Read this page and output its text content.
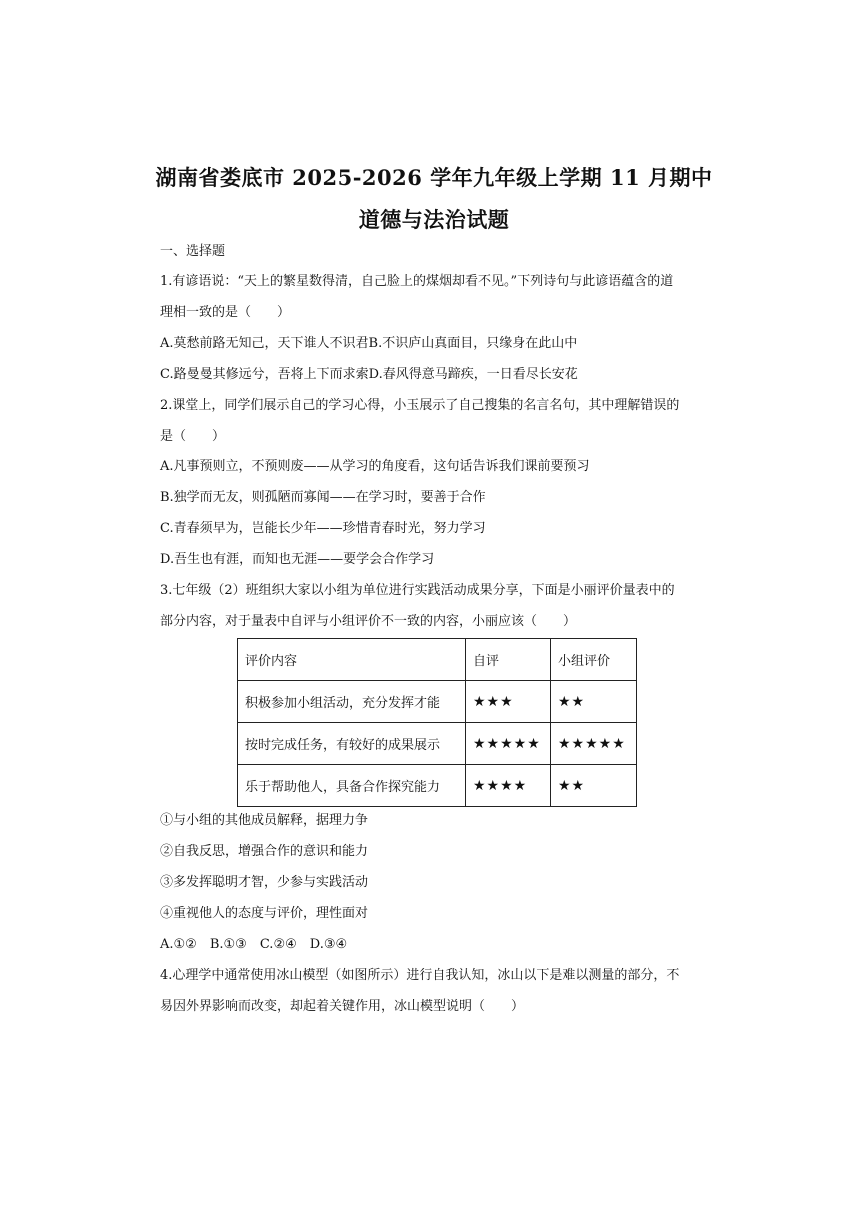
湖南省娄底市 2025-2026 学年九年级上学期 11 月期中
道德与法治试题
一、选择题
1.有谚语说：“天上的繁星数得清，自己脸上的煤烟却看不见。”下列诗句与此谚语蕴含的道
理相一致的是（　　）
A.莫愁前路无知己，天下谁人不识君B.不识庐山真面目，只缘身在此山中
C.路曼曼其修远兮，吾将上下而求索D.春风得意马蹄疾，一日看尽长安花
2.课堂上，同学们展示自己的学习心得，小玉展示了自己搜集的名言名句，其中理解错误的
是（　　）
A.凡事预则立，不预则废——从学习的角度看，这句话告诉我们课前要预习
B.独学而无友，则孤陋而寡闻——在学习时，要善于合作
C.青春须早为，岂能长少年——珍惜青春时光，努力学习
D.吾生也有涯，而知也无涯——要学会合作学习
3.七年级（2）班组织大家以小组为单位进行实践活动成果分享，下面是小丽评价量表中的
部分内容，对于量表中自评与小组评价不一致的内容，小丽应该（　　）
评价内容	自评	小组评价
积极参加小组活动，充分发挥才能	★★★	★★
按时完成任务，有较好的成果展示	★★★★★	★★★★★
乐于帮助他人，具备合作探究能力	★★★★	★★
①与小组的其他成员解释，据理力争
②自我反思，增强合作的意识和能力
③多发挥聪明才智，少参与实践活动
④重视他人的态度与评价，理性面对
A.①②　B.①③　C.②④　D.③④
4.心理学中通常使用冰山模型（如图所示）进行自我认知，冰山以下是难以测量的部分，不
易因外界影响而改变，却起着关键作用，冰山模型说明（　　）
